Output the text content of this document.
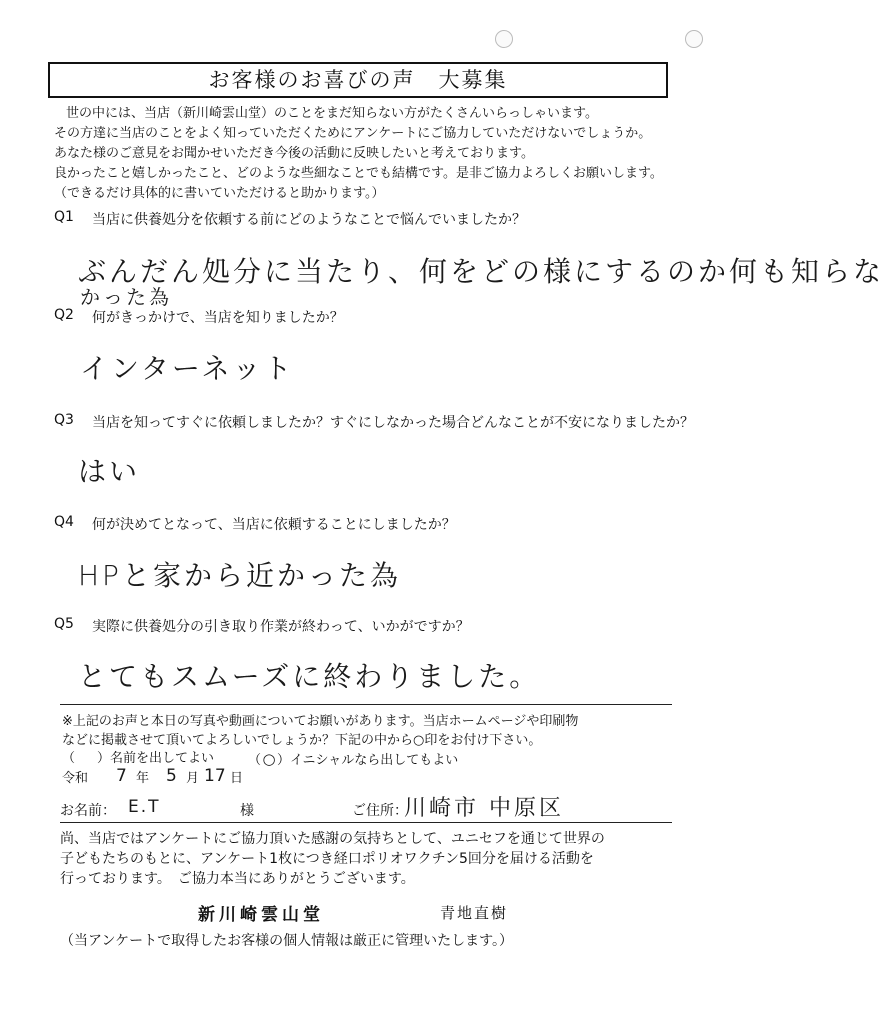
お客様のお喜びの声　大募集
世の中には、当店（新川崎雲山堂）のことをまだ知らない方がたくさんいらっしゃいます。
その方達に当店のことをよく知っていただくためにアンケートにご協力していただけないでしょうか。
あなた様のご意見をお聞かせいただき今後の活動に反映したいと考えております。
良かったこと嬉しかったこと、どのような些細なことでも結構です。是非ご協力よろしくお願いします。
（できるだけ具体的に書いていただけると助かります。）
Q1 当店に供養処分を依頼する前にどのようなことで悩んでいましたか？
ぶんだん処分に当たり、何をどの様にするのか何も知らな
かった為
Q2 何がきっかけで、当店を知りましたか？
インターネット
Q3 当店を知ってすぐに依頼しましたか？すぐにしなかった場合どんなことが不安になりましたか？
はい
Q4 何が決めてとなって、当店に依頼することにしましたか？
HPと家から近かった為
Q5 実際に供養処分の引き取り作業が終わって、いかがですか？
とてもスムーズに終わりました。
※上記のお声と本日の写真や動画についてお願いがあります。当店ホームページや印刷物
などに掲載させて頂いてよろしいでしょうか？下記の中から○印をお付け下さい。
（ ）名前を出してよい	（○）イニシャルなら出してもよい
令和 7 年 5 月 17 日
お名前： E.T	様	ご住所：
川崎市 中原区
尚、当店ではアンケートにご協力頂いた感謝の気持ちとして、ユニセフを通じて世界の
子どもたちのもとに、アンケート1枚につき経口ポリオワクチン5回分を届ける活動を
行っております。　ご協力本当にありがとうございます。
新川崎雲山堂	青地直樹
（当アンケートで取得したお客様の個人情報は厳正に管理いたします。）
